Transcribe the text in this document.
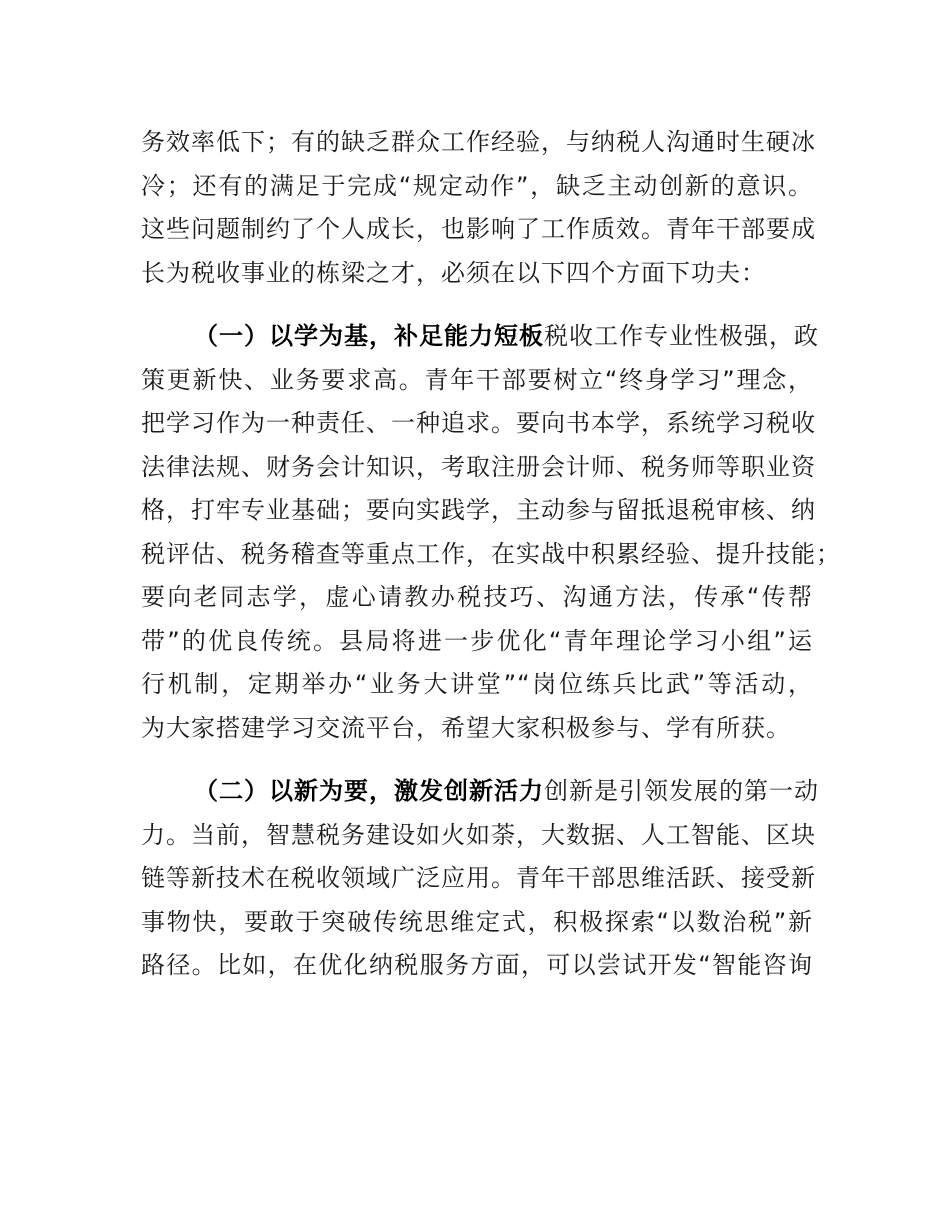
务效率低下；有的缺乏群众工作经验，与纳税人沟通时生硬冰
冷；还有的满足于完成“规定动作”，缺乏主动创新的意识。
这些问题制约了个人成长，也影响了工作质效。青年干部要成
长为税收事业的栋梁之才，必须在以下四个方面下功夫：
（一）以学为基，补足能力短板税收工作专业性极强，政
策更新快、业务要求高。青年干部要树立“终身学习”理念，
把学习作为一种责任、一种追求。要向书本学，系统学习税收
法律法规、财务会计知识，考取注册会计师、税务师等职业资
格，打牢专业基础；要向实践学，主动参与留抵退税审核、纳
税评估、税务稽查等重点工作，在实战中积累经验、提升技能；
要向老同志学，虚心请教办税技巧、沟通方法，传承“传帮
带”的优良传统。县局将进一步优化“青年理论学习小组”运
行机制，定期举办“业务大讲堂”“岗位练兵比武”等活动，
为大家搭建学习交流平台，希望大家积极参与、学有所获。
（二）以新为要，激发创新活力创新是引领发展的第一动
力。当前，智慧税务建设如火如荼，大数据、人工智能、区块
链等新技术在税收领域广泛应用。青年干部思维活跃、接受新
事物快，要敢于突破传统思维定式，积极探索“以数治税”新
路径。比如，在优化纳税服务方面，可以尝试开发“智能咨询
